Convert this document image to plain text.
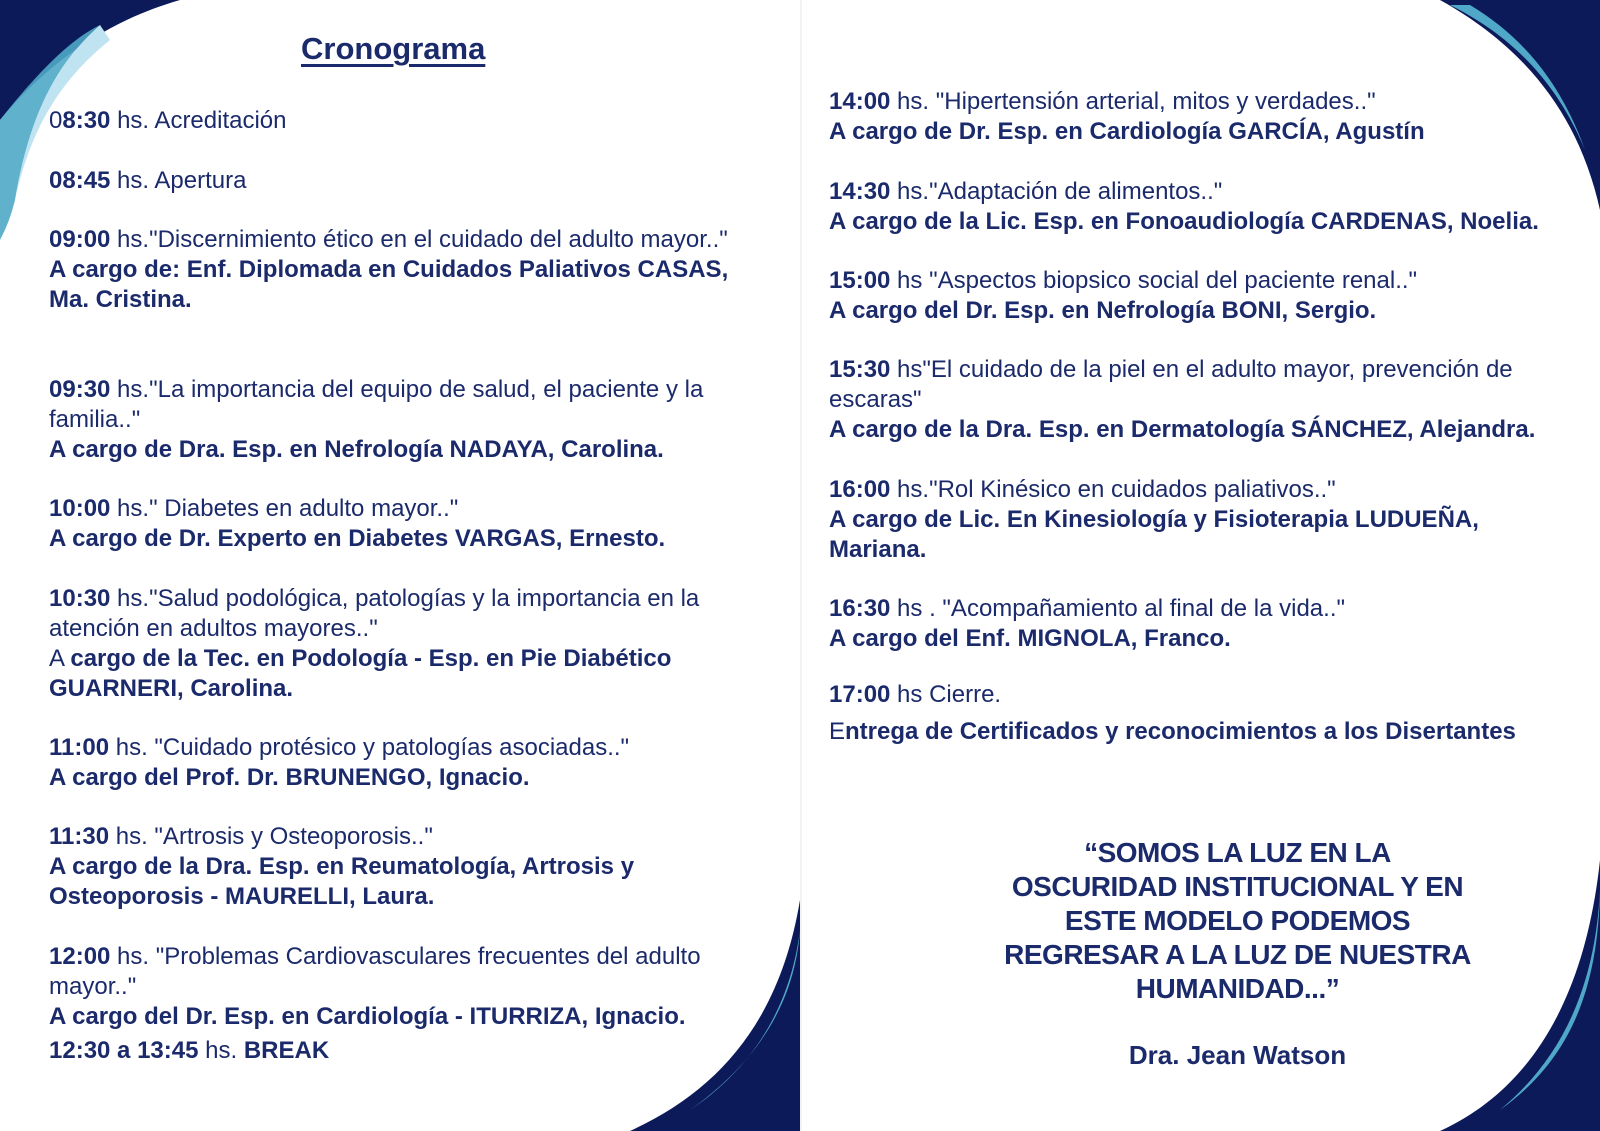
Cronograma

08:30 hs. Acreditación

08:45 hs. Apertura

09:00 hs."Discernimiento ético en el cuidado del adulto mayor.."

A cargo de: Enf. Diplomada en Cuidados Paliativos CASAS, Ma. Cristina.

09:30 hs."La importancia del equipo de salud, el paciente y la familia.."

A cargo de Dra. Esp. en Nefrología NADAYA, Carolina.

10:00 hs." Diabetes en adulto mayor.."

A cargo de Dr. Experto en Diabetes VARGAS, Ernesto.

10:30 hs."Salud podológica, patologías y la importancia en la atención en adultos mayores.."

A cargo de la Tec. en Podología - Esp. en Pie Diabético GUARNERI, Carolina.

11:00 hs. "Cuidado protésico y patologías asociadas.."

A cargo del Prof. Dr. BRUNENGO, Ignacio.

11:30 hs. "Artrosis y Osteoporosis.."

A cargo de la Dra. Esp. en Reumatología, Artrosis y Osteoporosis - MAURELLI, Laura.

12:00 hs. "Problemas Cardiovasculares frecuentes del adulto mayor.."

A cargo del Dr. Esp. en Cardiología - ITURRIZA, Ignacio.

12:30 a 13:45 hs. BREAK

14:00 hs. "Hipertensión arterial, mitos y verdades.."

A cargo de Dr. Esp. en Cardiología GARCÍA, Agustín

14:30 hs."Adaptación de alimentos.."

A cargo de la Lic. Esp. en Fonoaudiología CARDENAS, Noelia.

15:00 hs "Aspectos biopsico social del paciente renal.."

A cargo del Dr. Esp. en Nefrología BONI, Sergio.

15:30 hs"El cuidado de la piel en el adulto mayor, prevención de escaras"

A cargo de la Dra. Esp. en Dermatología SÁNCHEZ, Alejandra.

16:00 hs."Rol Kinésico en cuidados paliativos.."

A cargo de Lic. En Kinesiología y Fisioterapia LUDUEÑA, Mariana.

16:30 hs . "Acompañamiento al final de la vida.."

A cargo del Enf. MIGNOLA, Franco.

17:00 hs Cierre.

Entrega de Certificados y reconocimientos a los Disertantes

“SOMOS LA LUZ EN LA OSCURIDAD INSTITUCIONAL Y EN ESTE MODELO PODEMOS REGRESAR A LA LUZ DE NUESTRA HUMANIDAD...”
Dra. Jean Watson
